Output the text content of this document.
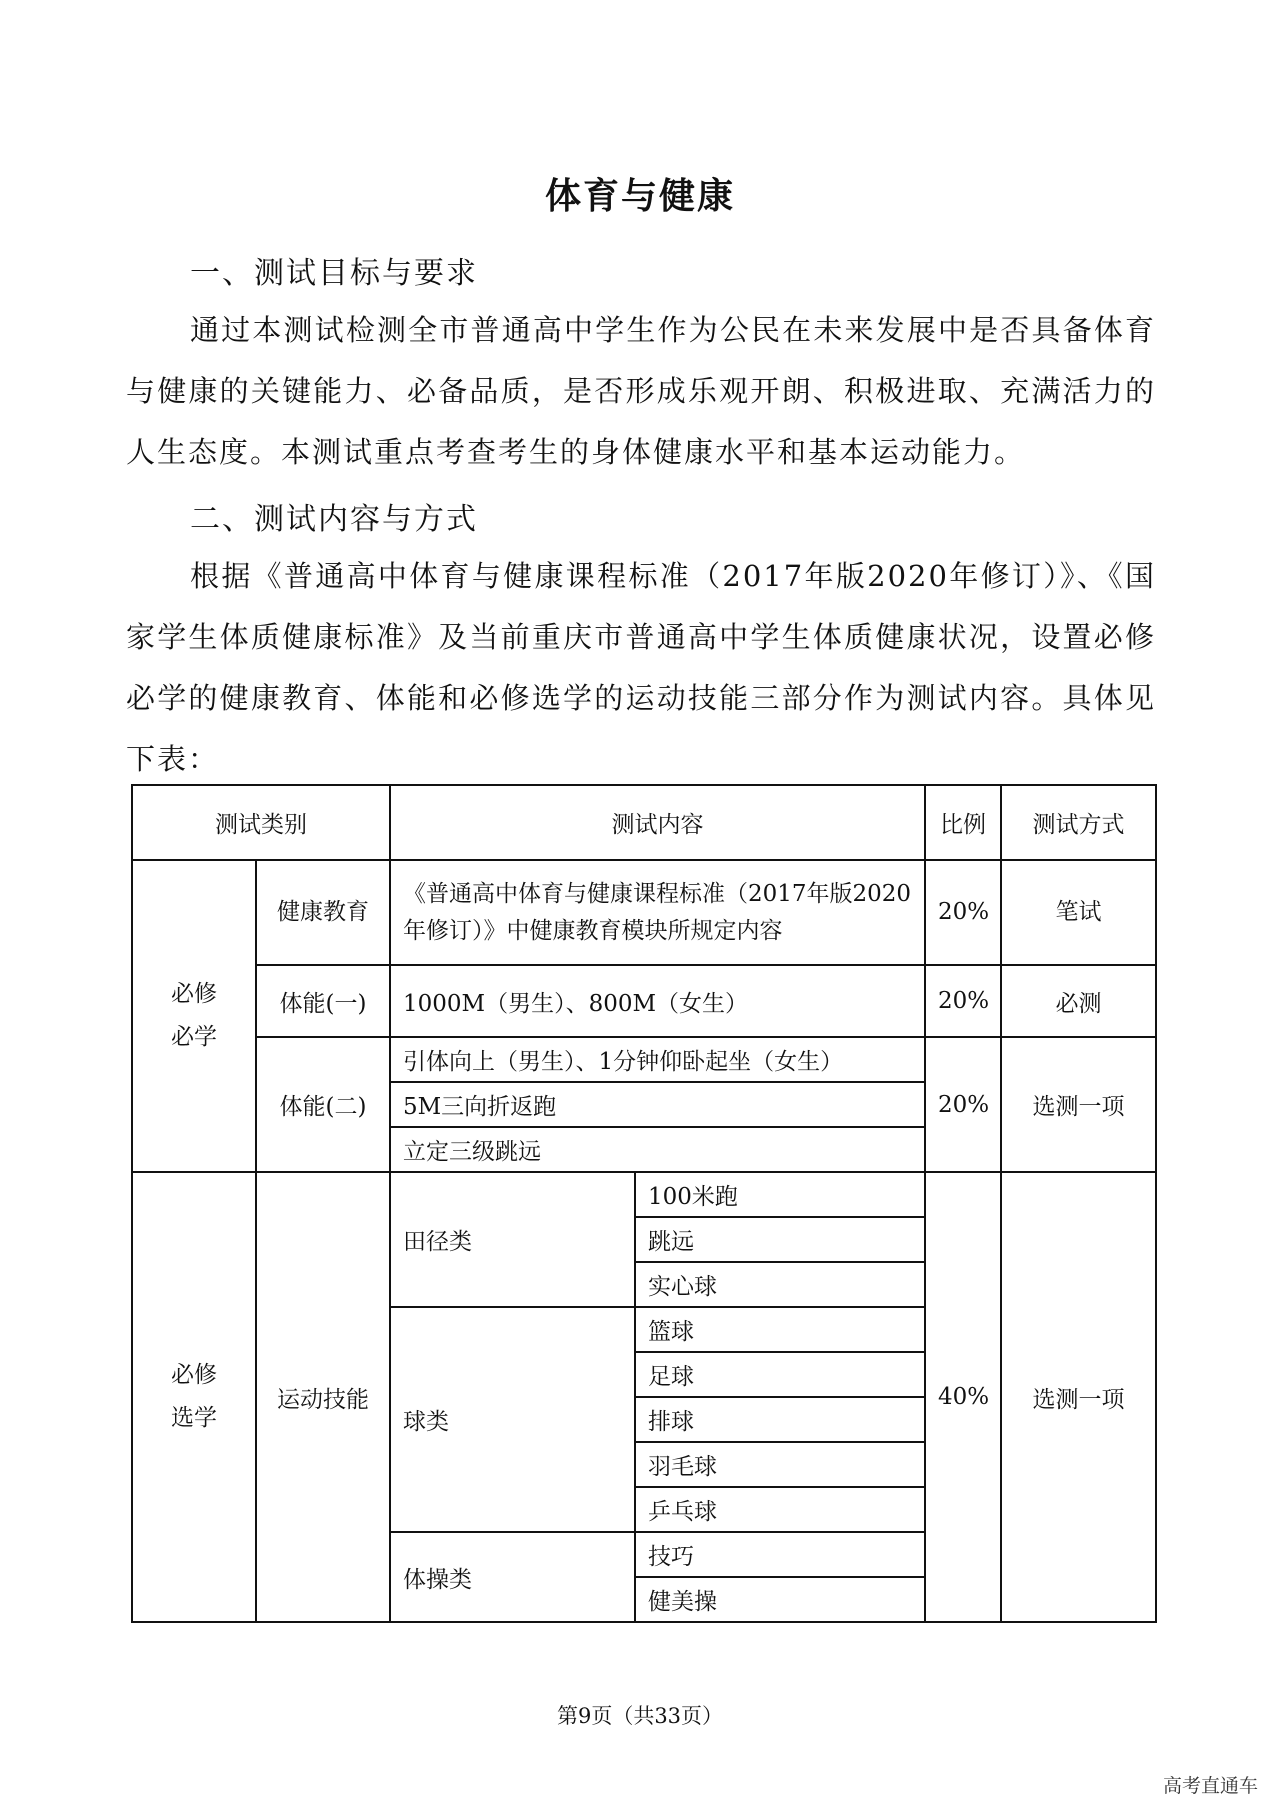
体育与健康
一、测试目标与要求
通过本测试检测全市普通高中学生作为公民在未来发展中是否具备体育与健康的关键能力、必备品质，是否形成乐观开朗、积极进取、充满活力的人生态度。本测试重点考查考生的身体健康水平和基本运动能力。
二、测试内容与方式
根据《普通高中体育与健康课程标准（2017年版2020年修订）》、《国家学生体质健康标准》及当前重庆市普通高中学生体质健康状况，设置必修必学的健康教育、体能和必修选学的运动技能三部分作为测试内容。具体见下表：
测试类别		测试内容		比例	测试方式
必修必学	健康教育	《普通高中体育与健康课程标准（2017年版2020年修订）》中健康教育模块所规定内容		20%	笔试
	体能(一)	1000M（男生）、800M（女生）		20%	必测
	体能(二)	引体向上（男生）、1分钟仰卧起坐（女生）		20%	选测一项
		5M三向折返跑			
		立定三级跳远			
必修选学	运动技能	田径类	100米跑	40%	选测一项
			跳远		
			实心球		
		球类	篮球		
			足球		
			排球		
			羽毛球		
			乒乓球		
		体操类	技巧		
			健美操		
第9页（共33页）
高考直通车
